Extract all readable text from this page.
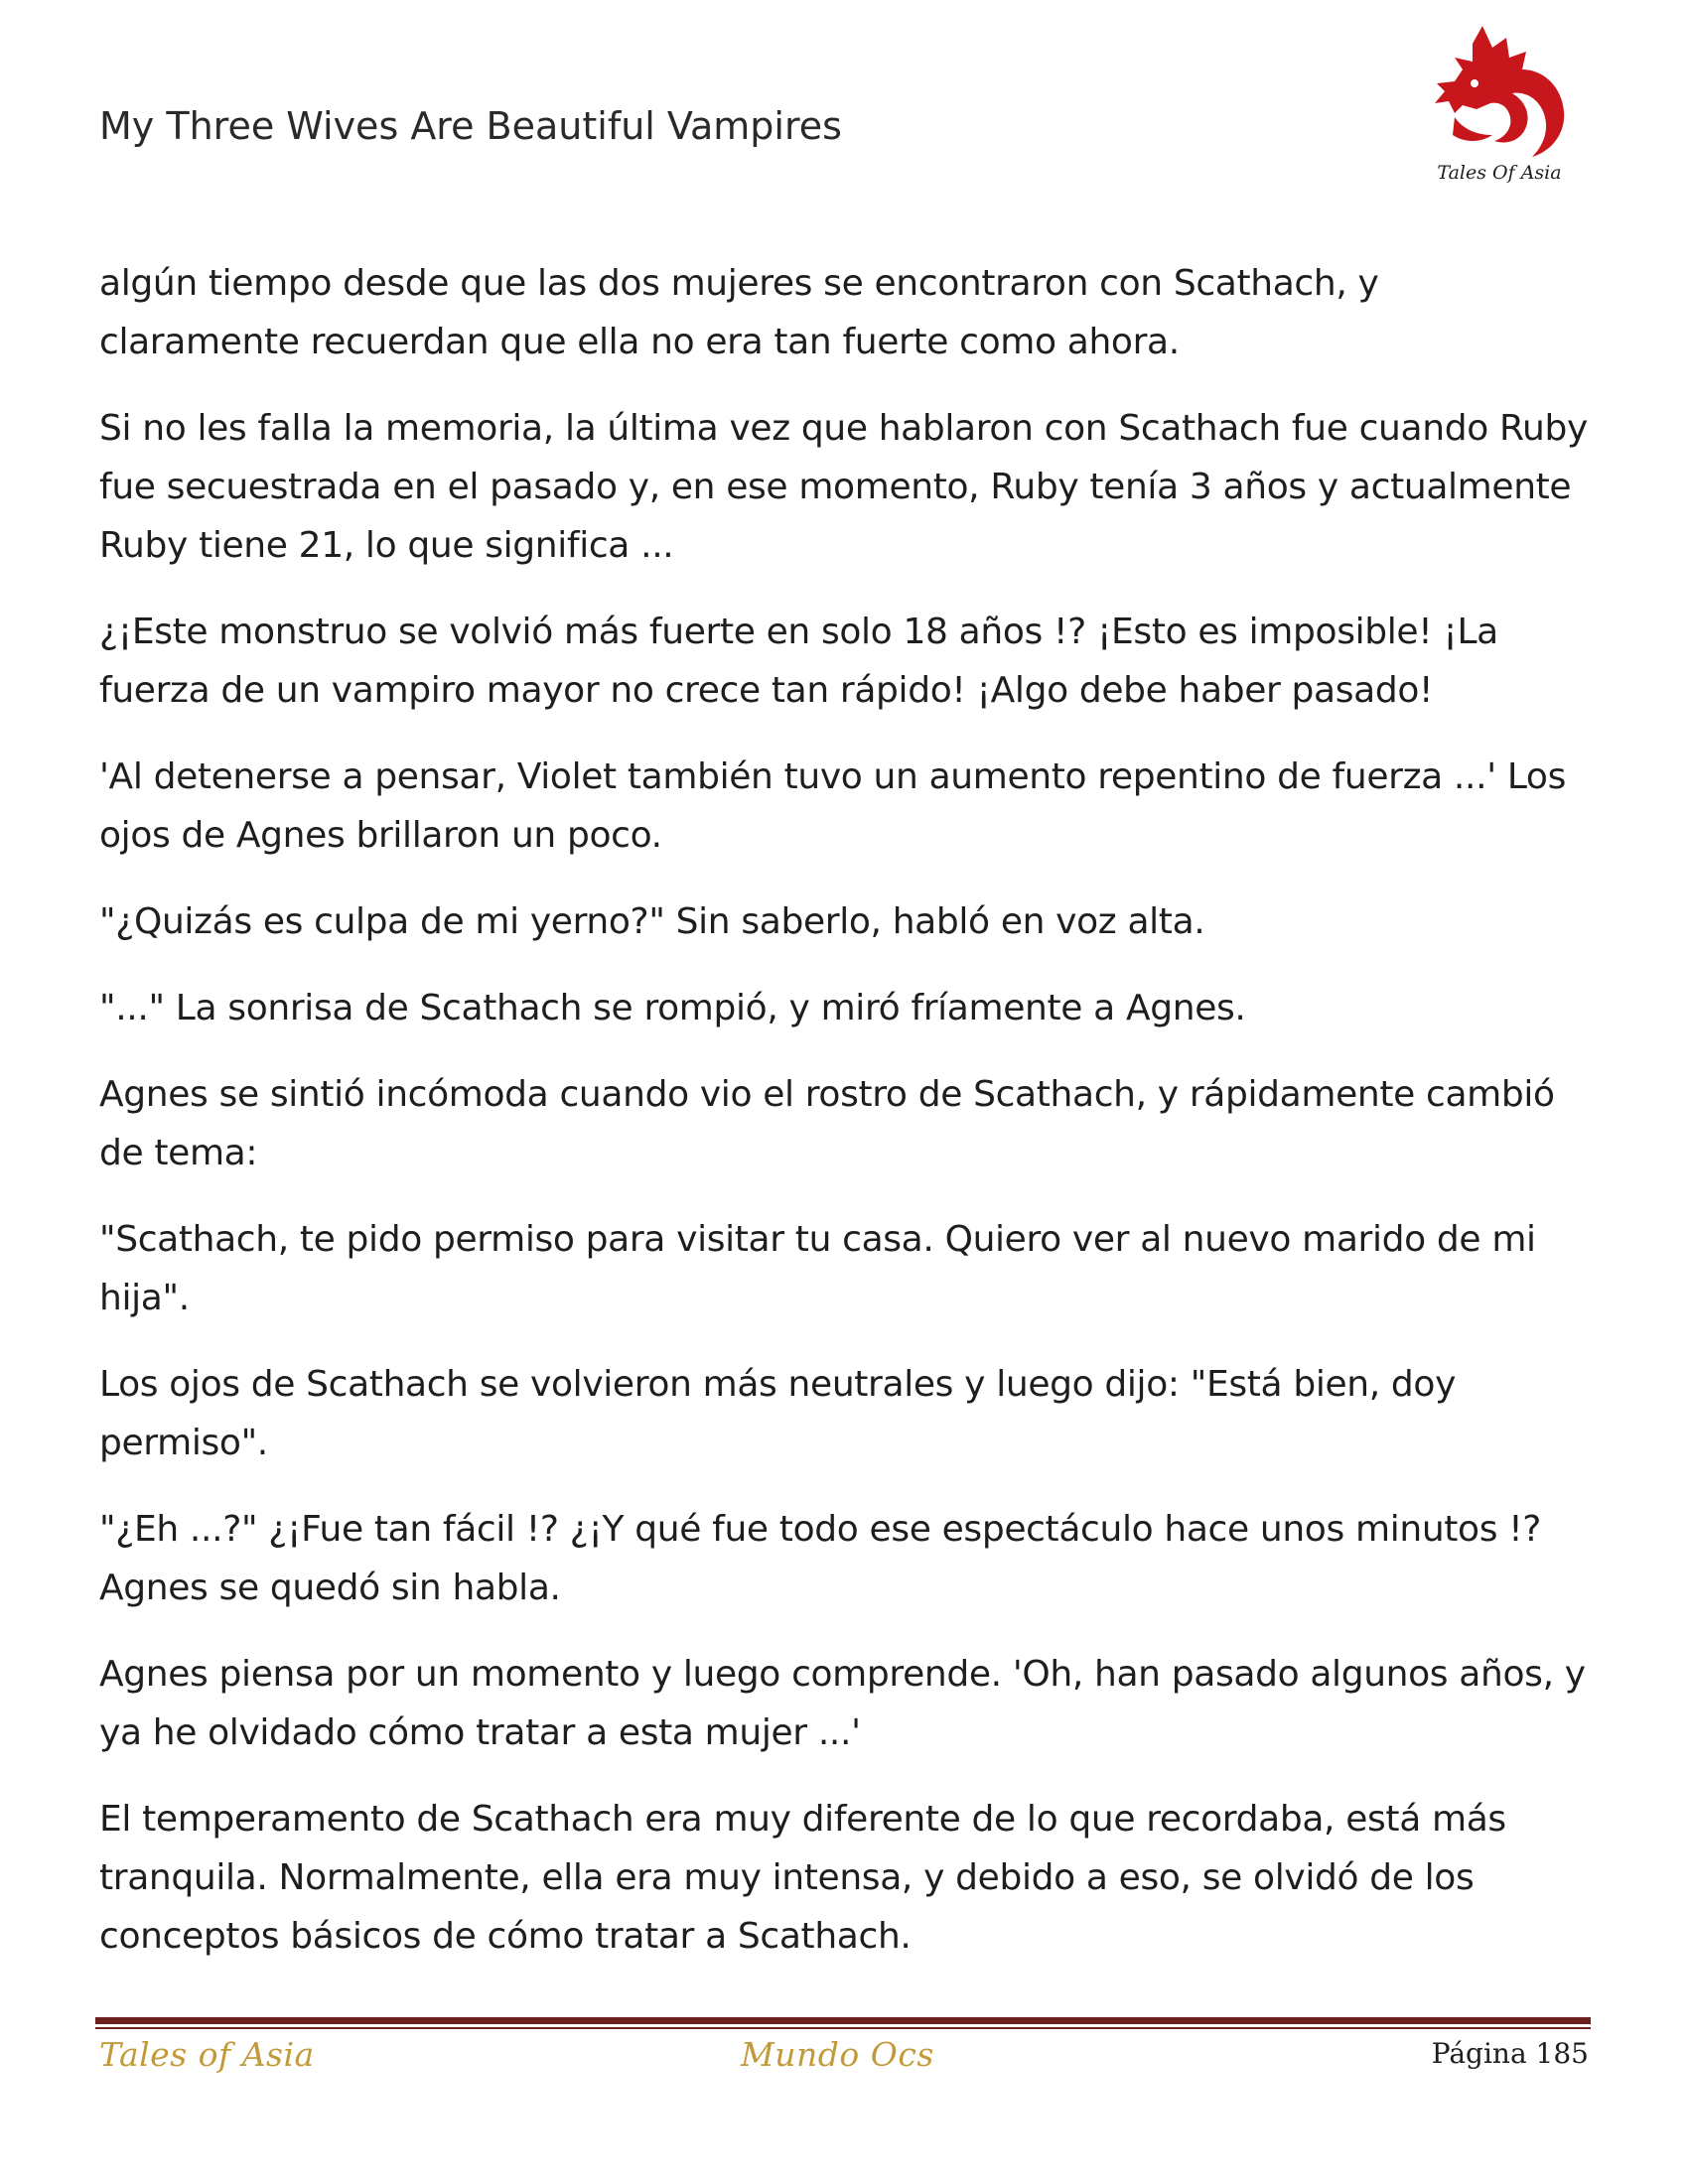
My Three Wives Are Beautiful Vampires
Tales Of Asia

algún tiempo desde que las dos mujeres se encontraron con Scathach, y claramente recuerdan que ella no era tan fuerte como ahora.

Si no les falla la memoria, la última vez que hablaron con Scathach fue cuando Ruby fue secuestrada en el pasado y, en ese momento, Ruby tenía 3 años y actualmente Ruby tiene 21, lo que significa ...

¿¡Este monstruo se volvió más fuerte en solo 18 años !? ¡Esto es imposible! ¡La fuerza de un vampiro mayor no crece tan rápido! ¡Algo debe haber pasado!

'Al detenerse a pensar, Violet también tuvo un aumento repentino de fuerza ...' Los ojos de Agnes brillaron un poco.

"¿Quizás es culpa de mi yerno?" Sin saberlo, habló en voz alta.

"..." La sonrisa de Scathach se rompió, y miró fríamente a Agnes.

Agnes se sintió incómoda cuando vio el rostro de Scathach, y rápidamente cambió de tema:

"Scathach, te pido permiso para visitar tu casa. Quiero ver al nuevo marido de mi hija".

Los ojos de Scathach se volvieron más neutrales y luego dijo: "Está bien, doy permiso".

"¿Eh ...?" ¿¡Fue tan fácil !? ¿¡Y qué fue todo ese espectáculo hace unos minutos !? Agnes se quedó sin habla.

Agnes piensa por un momento y luego comprende. 'Oh, han pasado algunos años, y ya he olvidado cómo tratar a esta mujer ...'

El temperamento de Scathach era muy diferente de lo que recordaba, está más tranquila. Normalmente, ella era muy intensa, y debido a eso, se olvidó de los conceptos básicos de cómo tratar a Scathach.

Tales of Asia	Mundo Ocs	Página 185
